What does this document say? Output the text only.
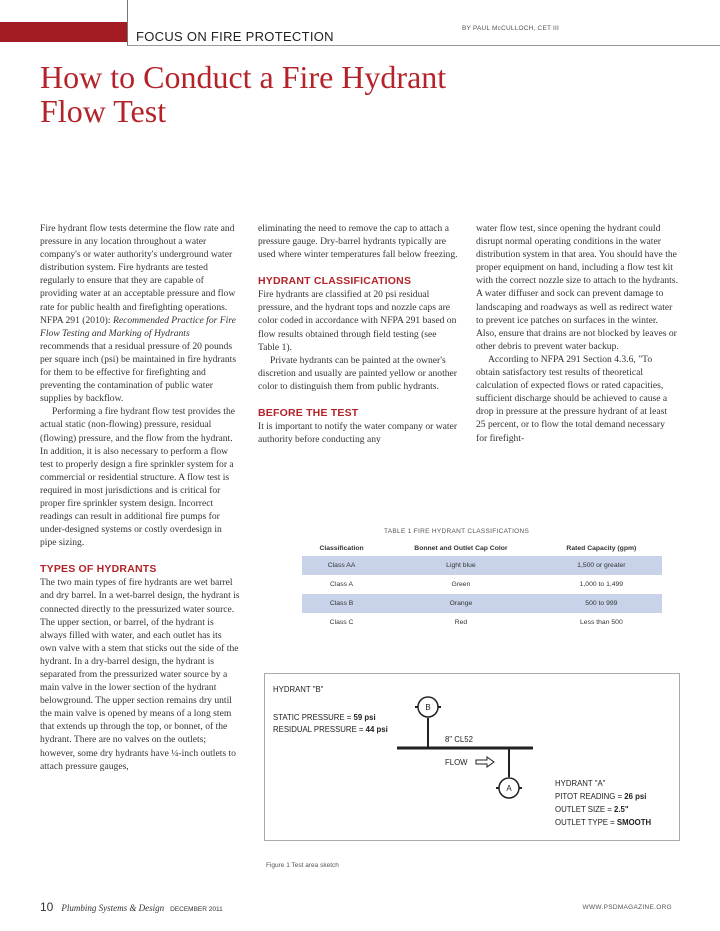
FOCUS ON FIRE PROTECTION
BY PAUL McCULLOCH, CET III
How to Conduct a Fire Hydrant Flow Test

Fire hydrant flow tests determine the flow rate and pressure in any location throughout a water company's or water authority's underground water distribution system. Fire hydrants are tested regularly to ensure that they are capable of providing water at an acceptable pressure and flow rate for public health and firefighting operations. NFPA 291 (2010): Recommended Practice for Fire Flow Testing and Marking of Hydrants recommends that a residual pressure of 20 pounds per square inch (psi) be maintained in fire hydrants for them to be effective for firefighting and preventing the contamination of public water supplies by backflow.

Performing a fire hydrant flow test provides the actual static (non-flowing) pressure, residual (flowing) pressure, and the flow from the hydrant. In addition, it is also necessary to perform a flow test to properly design a fire sprinkler system for a commercial or residential structure. A flow test is required in most jurisdictions and is critical for proper fire sprinkler system design. Incorrect readings can result in additional fire pumps for under-designed systems or costly overdesign in pipe sizing.

TYPES OF HYDRANTS

The two main types of fire hydrants are wet barrel and dry barrel. In a wet-barrel design, the hydrant is connected directly to the pressurized water source. The upper section, or barrel, of the hydrant is always filled with water, and each outlet has its own valve with a stem that sticks out the side of the hydrant. In a dry-barrel design, the hydrant is separated from the pressurized water source by a main valve in the lower section of the hydrant belowground. The upper section remains dry until the main valve is opened by means of a long stem that extends up through the top, or bonnet, of the hydrant. There are no valves on the outlets; however, some dry hydrants have ¼-inch outlets to attach pressure gauges,

eliminating the need to remove the cap to attach a pressure gauge. Dry-barrel hydrants typically are used where winter temperatures fall below freezing.

HYDRANT CLASSIFICATIONS

Fire hydrants are classified at 20 psi residual pressure, and the hydrant tops and nozzle caps are color coded in accordance with NFPA 291 based on flow results obtained through field testing (see Table 1).

Private hydrants can be painted at the owner's discretion and usually are painted yellow or another color to distinguish them from public hydrants.

BEFORE THE TEST

It is important to notify the water company or water authority before conducting any

water flow test, since opening the hydrant could disrupt normal operating conditions in the water distribution system in that area. You should have the proper equipment on hand, including a flow test kit with the correct nozzle size to attach to the hydrants. A water diffuser and sock can prevent damage to landscaping and roadways as well as redirect water to prevent ice patches on surfaces in the winter. Also, ensure that drains are not blocked by leaves or other debris to prevent water backup.

According to NFPA 291 Section 4.3.6, "To obtain satisfactory test results of theoretical calculation of expected flows or rated capacities, sufficient discharge should be achieved to cause a drop in pressure at the pressure hydrant of at least 25 percent, or to flow the total demand necessary for firefight-

TABLE 1 FIRE HYDRANT CLASSIFICATIONS
Classification	Bonnet and Outlet Cap Color	Rated Capacity (gpm)
Class AA	Light blue	1,500 or greater
Class A	Green	1,000 to 1,499
Class B	Orange	500 to 999
Class C	Red	Less than 500
B
A
HYDRANT "B"
STATIC PRESSURE = 59 psi
RESIDUAL PRESSURE = 44 psi
8" CL52
FLOW
HYDRANT "A"
PITOT READING = 26 psi
OUTLET SIZE = 2.5"
OUTLET TYPE = SMOOTH
Figure 1 Test area sketch
10 Plumbing Systems & Design DECEMBER 2011	WWW.PSDMAGAZINE.ORG
